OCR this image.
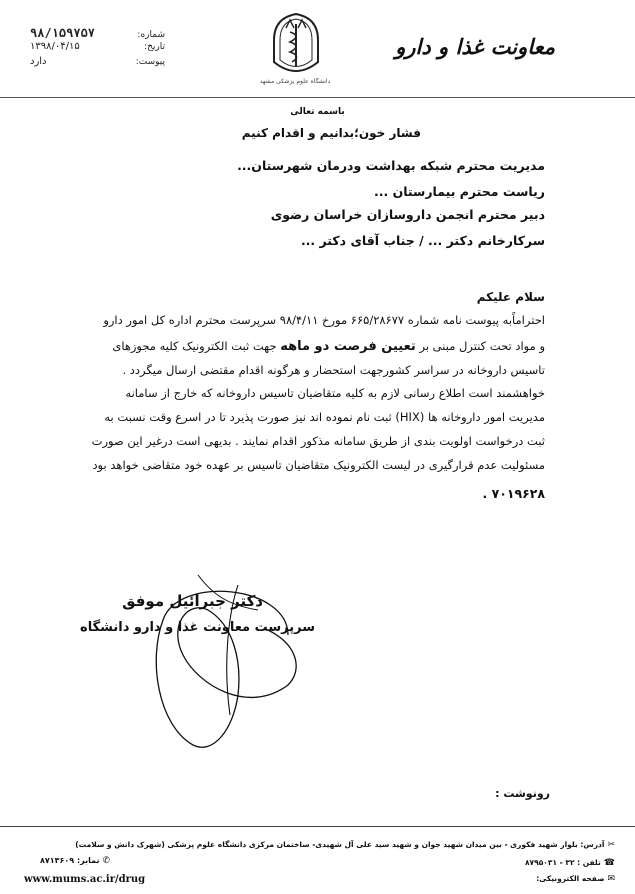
۹۸/۱۵۹۷۵۷	شماره:
۱۳۹۸/۰۴/۱۵	تاریخ:
دارد	پیوست:
دانشگاه علوم پزشکی مشهد
معاونت غذا و دارو
باسمه تعالی
فشار خون؛بدانیم و اقدام کنیم
مدیریت محترم شبکه بهداشت ودرمان شهرستان...
ریاست محترم بیمارستان ...
دبیر محترم انجمن داروسازان خراسان رضوی
سرکارخانم دکتر ... / جناب آقای دکتر ...
سلام علیکم
احتراماًبه پیوست نامه شماره ۶۶۵/۲۸۶۷۷ مورخ ۹۸/۴/۱۱ سرپرست محترم اداره کل امور دارو
و مواد تحت کنترل مبنی بر تعیین فرصت دو ماهه جهت ثبت الکترونیک کلیه مجوزهای
تاسیس داروخانه در سراسر کشورجهت استحضار و هرگونه اقدام مقتضی ارسال میگردد .
خواهشمند است اطلاع رسانی لازم به کلیه متقاضیان تاسیس داروخانه که خارج از سامانه
مدیریت امور داروخانه ها (HIX) ثبت نام نموده اند نیز صورت پذیرد تا در اسرع وقت نسبت به
ثبت درخواست اولویت بندی از طریق سامانه مذکور اقدام نمایند . بدیهی است درغیر این صورت
مسئولیت عدم قرارگیری در لیست الکترونیک متقاضیان تاسیس بر عهده خود متقاضی خواهد بود
۷۰۱۹۶۲۸ .
دکتر جبرائیل موفق
سرپرست معاونت غذا و دارو دانشگاه
رونوشت :
✂آدرس: بلوار شهید فکوری - بین میدان شهید جوان و شهید سید علی آل شهیدی- ساختمان مرکزی دانشگاه علوم پزشکی (شهرک دانش و سلامت)
☎تلفن : ۳۲ - ۸۷۹۵۰۳۱
✉صفحه الکترونیکی:
✆نمابر: ۸۷۱۳۶۰۹
www.mums.ac.ir/drug
